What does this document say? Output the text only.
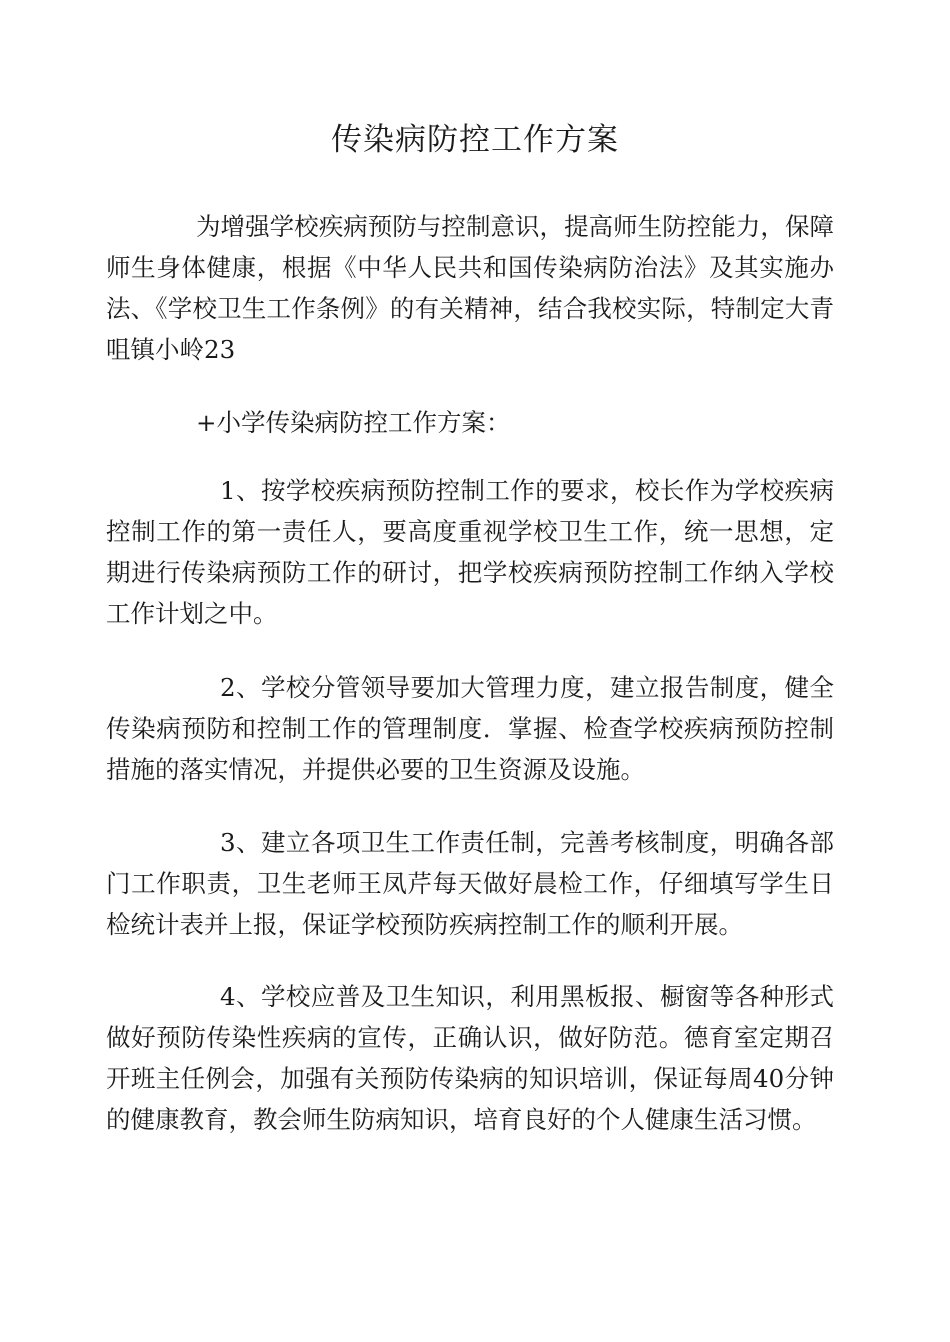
传染病防控工作方案

为增强学校疾病预防与控制意识，提高师生防控能力，保障师生身体健康，根据《中华人民共和国传染病防治法》及其实施办法、《学校卫生工作条例》的有关精神，结合我校实际，特制定大青咀镇小岭23

+小学传染病防控工作方案：

1、按学校疾病预防控制工作的要求，校长作为学校疾病控制工作的第一责任人，要高度重视学校卫生工作，统一思想，定期进行传染病预防工作的研讨，把学校疾病预防控制工作纳入学校工作计划之中。

2、学校分管领导要加大管理力度，建立报告制度，健全传染病预防和控制工作的管理制度．掌握、检查学校疾病预防控制措施的落实情况，并提供必要的卫生资源及设施。

3、建立各项卫生工作责任制，完善考核制度，明确各部门工作职责，卫生老师王凤芹每天做好晨检工作，仔细填写学生日检统计表并上报，保证学校预防疾病控制工作的顺利开展。

4、学校应普及卫生知识，利用黑板报、橱窗等各种形式做好预防传染性疾病的宣传，正确认识，做好防范。德育室定期召开班主任例会，加强有关预防传染病的知识培训，保证每周40分钟的健康教育，教会师生防病知识，培育良好的个人健康生活习惯。
